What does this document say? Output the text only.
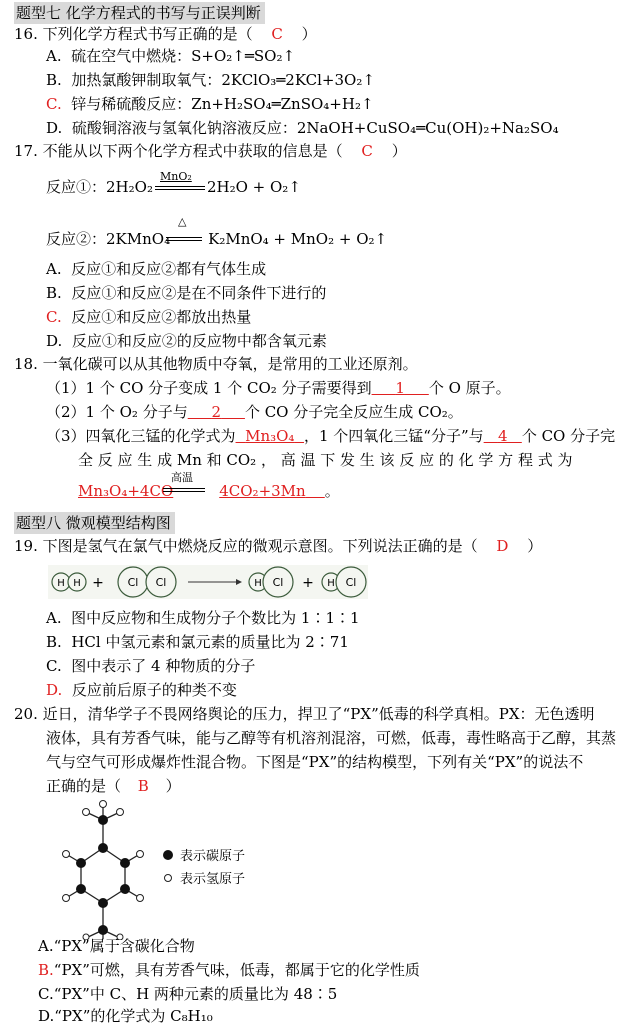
题型七 化学方程式的书写与正误判断
16. 下列化学方程式书写正确的是（ C ）
A. 硫在空气中燃烧：S+O₂↑═SO₂↑
B. 加热氯酸钾制取氧气：2KClO₃═2KCl+3O₂↑
C. 锌与稀硫酸反应：Zn+H₂SO₄═ZnSO₄+H₂↑
D. 硫酸铜溶液与氢氧化钠溶液反应：2NaOH+CuSO₄═Cu(OH)₂+Na₂SO₄
17. 不能从以下两个化学方程式中获取的信息是（ C ）
反应①：2H₂O₂	2H₂O + O₂↑
MnO₂
△
反应②：2KMnO₄	K₂MnO₄ + MnO₂ + O₂↑
A. 反应①和反应②都有气体生成
B. 反应①和反应②是在不同条件下进行的
C. 反应①和反应②都放出热量
D. 反应①和反应②的反应物中都含氧元素
18. 一氧化碳可以从其他物质中夺氧，是常用的工业还原剂。
（1）1 个 CO 分子变成 1 个 CO₂ 分子需要得到 1 个 O 原子。
（2）1 个 O₂ 分子与 2 个 CO 分子完全反应生成 CO₂。
（3）四氧化三锰的化学式为 Mn₃O₄ ，1 个四氧化三锰“分子”与 4 个 CO 分子完
全 反 应 生 成 Mn 和 CO₂ ， 高 温 下 发 生 该 反 应 的 化 学 方 程 式 为
高温
Mn₃O₄+4CO	4CO₂+3Mn 。
题型八 微观模型结构图
19. 下图是氢气在氯气中燃烧反应的微观示意图。下列说法正确的是（ D ）
H H + Cl Cl	H Cl + H Cl
A. 图中反应物和生成物分子个数比为 1∶1∶1
B. HCl 中氢元素和氯元素的质量比为 2∶71
C. 图中表示了 4 种物质的分子
D. 反应前后原子的种类不变
20. 近日，清华学子不畏网络舆论的压力，捍卫了“PX”低毒的科学真相。PX：无色透明
液体，具有芳香气味，能与乙醇等有机溶剂混溶，可燃，低毒，毒性略高于乙醇，其蒸
气与空气可形成爆炸性混合物。下图是“PX”的结构模型，下列有关“PX”的说法不
正确的是（ B ）
表示碳原子
表示氢原子
A.“PX”属于含碳化合物
B.“PX”可燃，具有芳香气味，低毒，都属于它的化学性质
C.“PX”中 C、H 两种元素的质量比为 48∶5
D.“PX”的化学式为 C₈H₁₀
